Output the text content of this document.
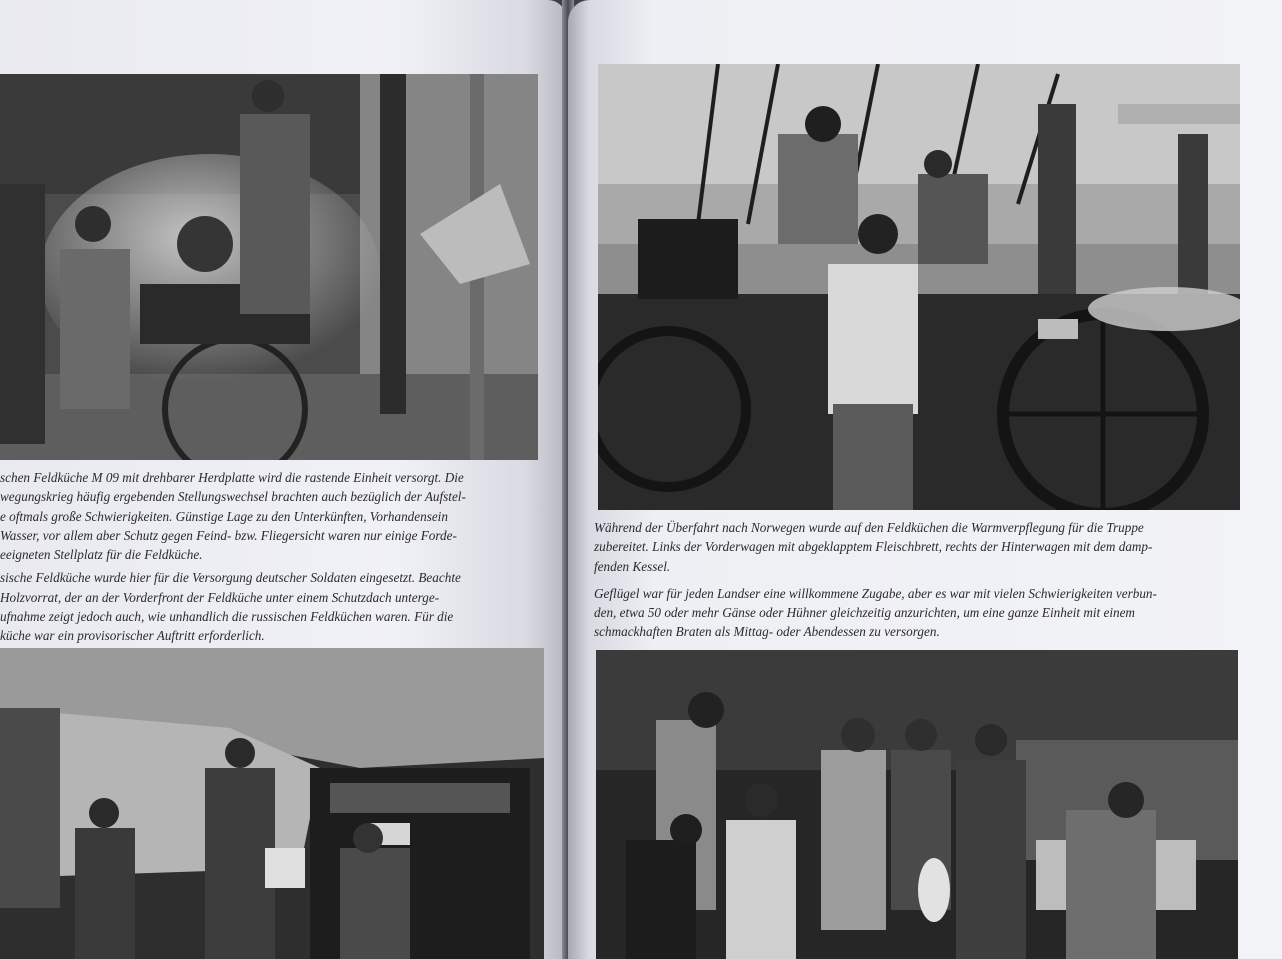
schen Feldküche M 09 mit drehbarer Herdplatte wird die rastende Einheit versorgt. Die
wegungskrieg häufig ergebenden Stellungswechsel brachten auch bezüglich der Aufstel-
e oftmals große Schwierigkeiten. Günstige Lage zu den Unterkünften, Vorhandensein
Wasser, vor allem aber Schutz gegen Feind- bzw. Fliegersicht waren nur einige Forde-
eeigneten Stellplatz für die Feldküche.

sische Feldküche wurde hier für die Versorgung deutscher Soldaten eingesetzt. Beachte
Holzvorrat, der an der Vorderfront der Feldküche unter einem Schutzdach unterge-
ufnahme zeigt jedoch auch, wie unhandlich die russischen Feldküchen waren. Für die
küche war ein provisorischer Auftritt erforderlich.

Während der Überfahrt nach Norwegen wurde auf den Feldküchen die Warmverpflegung für die Truppe
zubereitet. Links der Vorderwagen mit abgeklapptem Fleischbrett, rechts der Hinterwagen mit dem damp-
fenden Kessel.

Geflügel war für jeden Landser eine willkommene Zugabe, aber es war mit vielen Schwierigkeiten verbun-
den, etwa 50 oder mehr Gänse oder Hühner gleichzeitig anzurichten, um eine ganze Einheit mit einem
schmackhaften Braten als Mittag- oder Abendessen zu versorgen.
